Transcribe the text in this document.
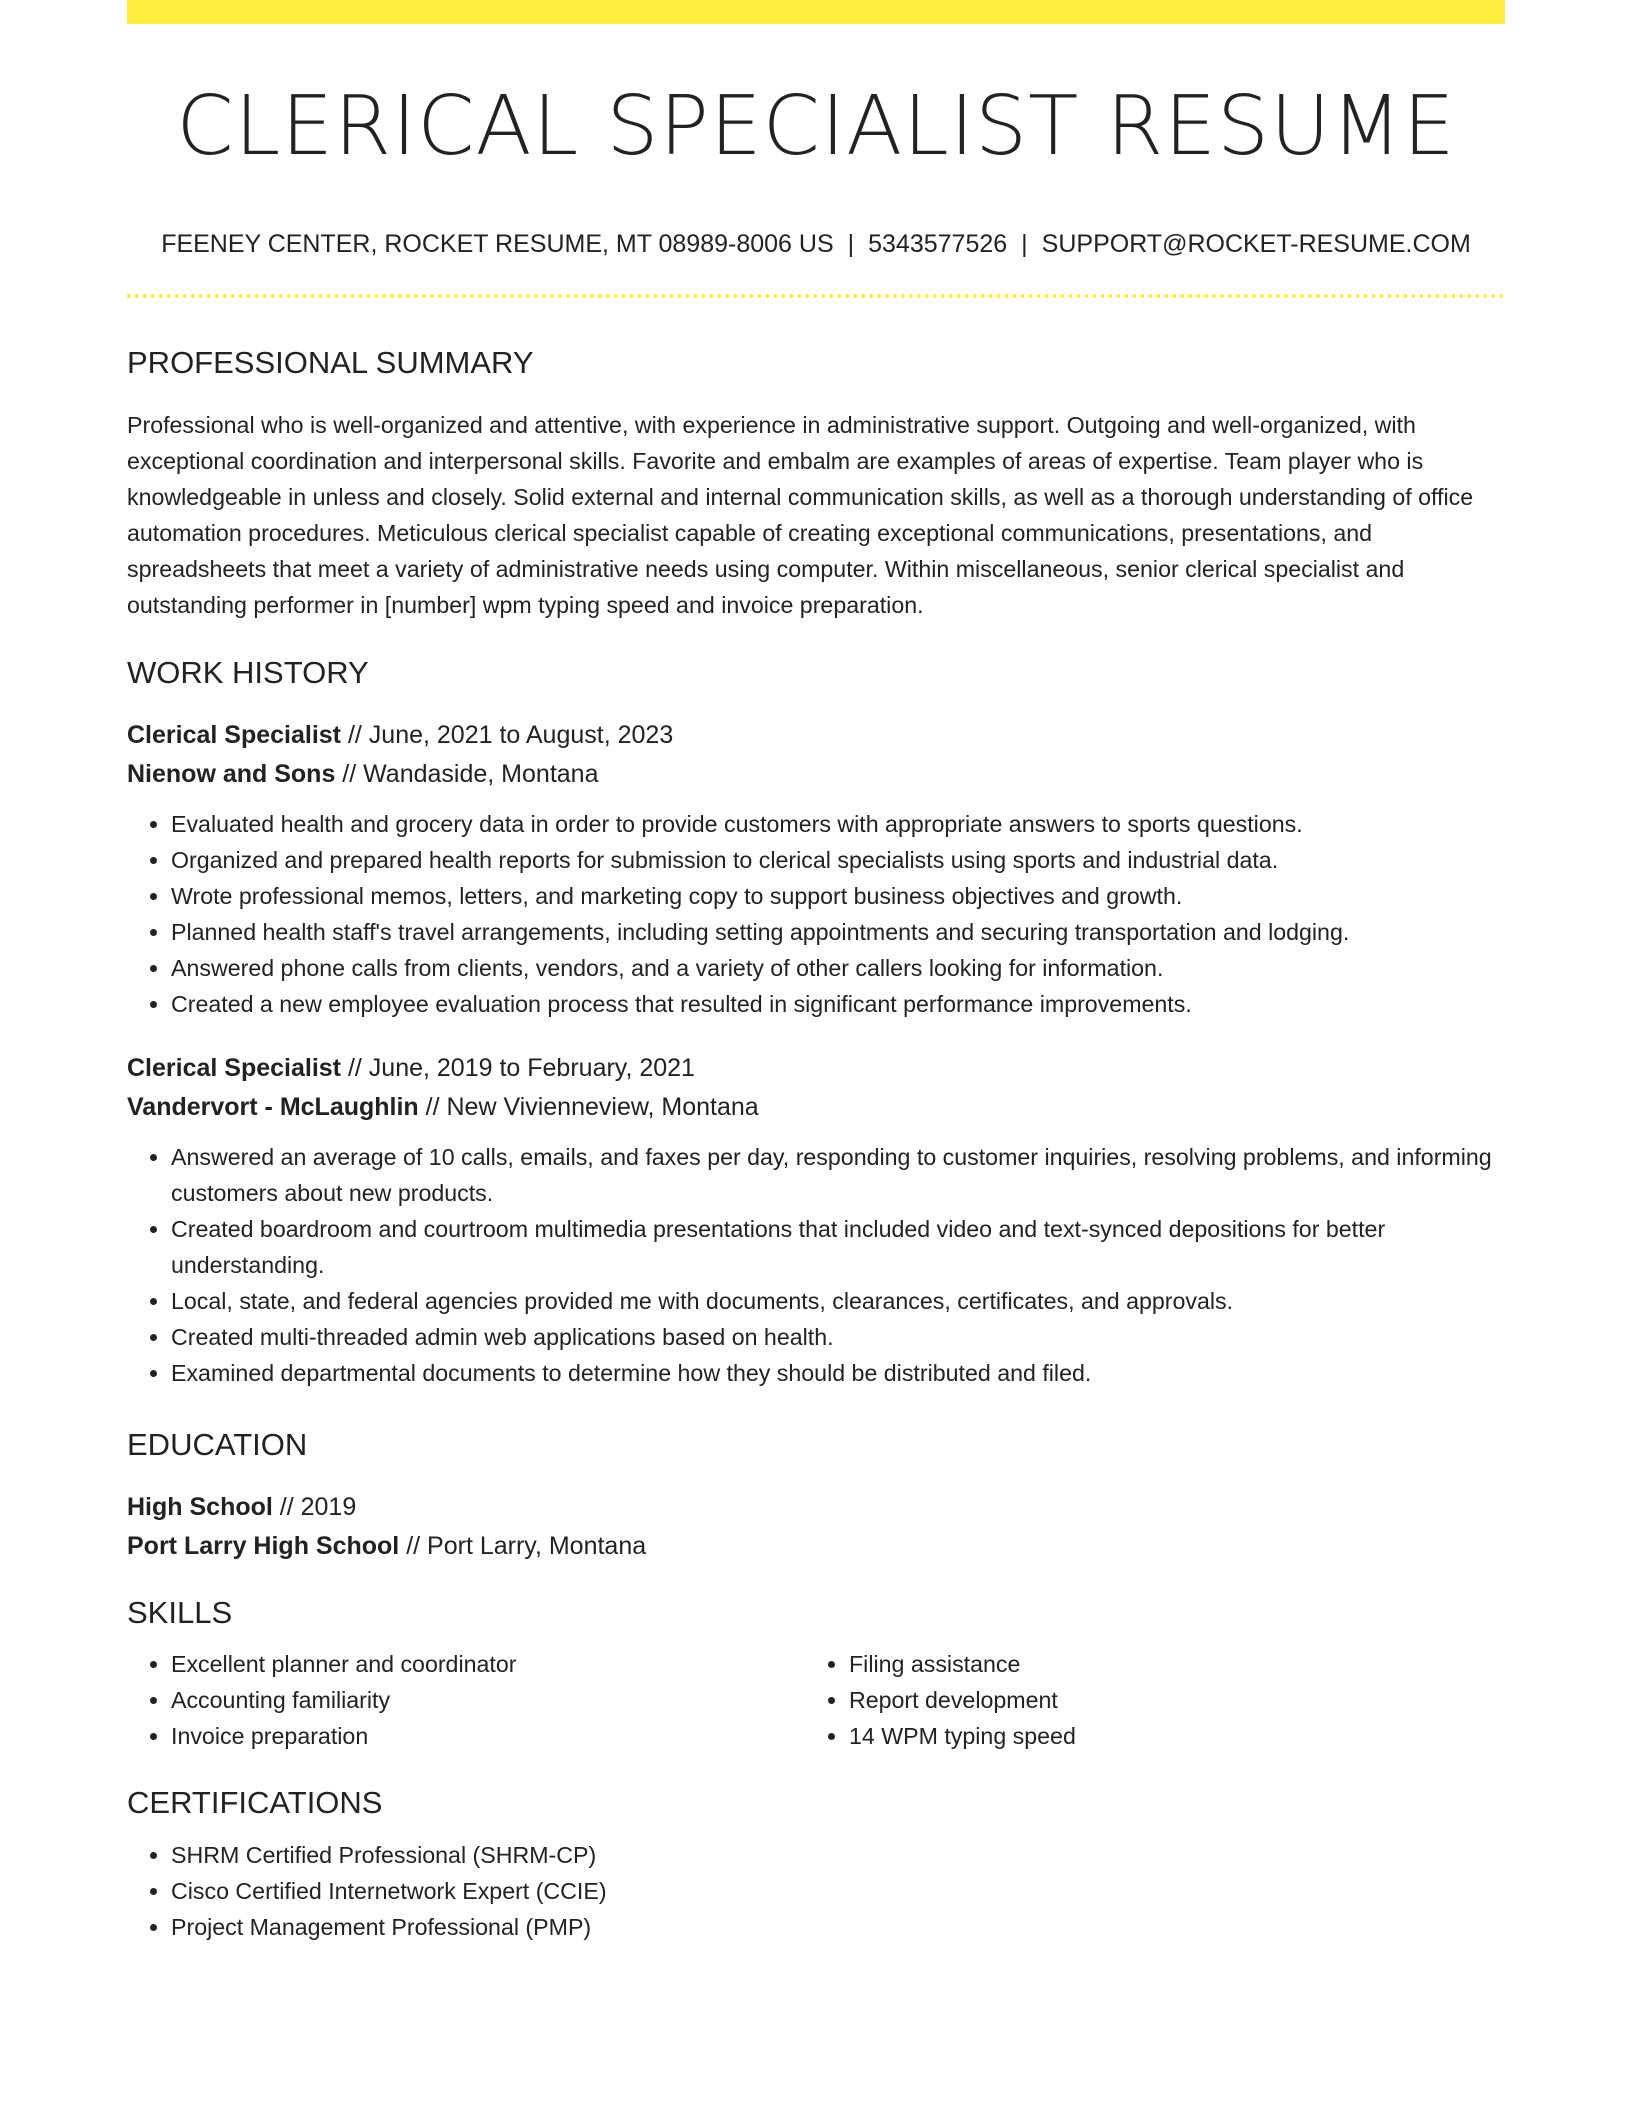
CLERICAL SPECIALIST RESUME
FEENEY CENTER, ROCKET RESUME, MT 08989-8006 US | 5343577526 | SUPPORT@ROCKET-RESUME.COM
PROFESSIONAL SUMMARY

Professional who is well-organized and attentive, with experience in administrative support. Outgoing and well-organized, with exceptional coordination and interpersonal skills. Favorite and embalm are examples of areas of expertise. Team player who is knowledgeable in unless and closely. Solid external and internal communication skills, as well as a thorough understanding of office automation procedures. Meticulous clerical specialist capable of creating exceptional communications, presentations, and spreadsheets that meet a variety of administrative needs using computer. Within miscellaneous, senior clerical specialist and outstanding performer in [number] wpm typing speed and invoice preparation.

WORK HISTORY
Clerical Specialist // June, 2021 to August, 2023
Nienow and Sons // Wandaside, Montana
• Evaluated health and grocery data in order to provide customers with appropriate answers to sports questions.
• Organized and prepared health reports for submission to clerical specialists using sports and industrial data.
• Wrote professional memos, letters, and marketing copy to support business objectives and growth.
• Planned health staff's travel arrangements, including setting appointments and securing transportation and lodging.
• Answered phone calls from clients, vendors, and a variety of other callers looking for information.
• Created a new employee evaluation process that resulted in significant performance improvements.
Clerical Specialist // June, 2019 to February, 2021
Vandervort - McLaughlin // New Vivienneview, Montana
• Answered an average of 10 calls, emails, and faxes per day, responding to customer inquiries, resolving problems, and informing customers about new products.
• Created boardroom and courtroom multimedia presentations that included video and text-synced depositions for better understanding.
• Local, state, and federal agencies provided me with documents, clearances, certificates, and approvals.
• Created multi-threaded admin web applications based on health.
• Examined departmental documents to determine how they should be distributed and filed.
EDUCATION
High School // 2019
Port Larry High School // Port Larry, Montana
SKILLS
• Excellent planner and coordinator
• Accounting familiarity
• Invoice preparation
• Filing assistance
• Report development
• 14 WPM typing speed
CERTIFICATIONS
• SHRM Certified Professional (SHRM-CP)
• Cisco Certified Internetwork Expert (CCIE)
• Project Management Professional (PMP)
